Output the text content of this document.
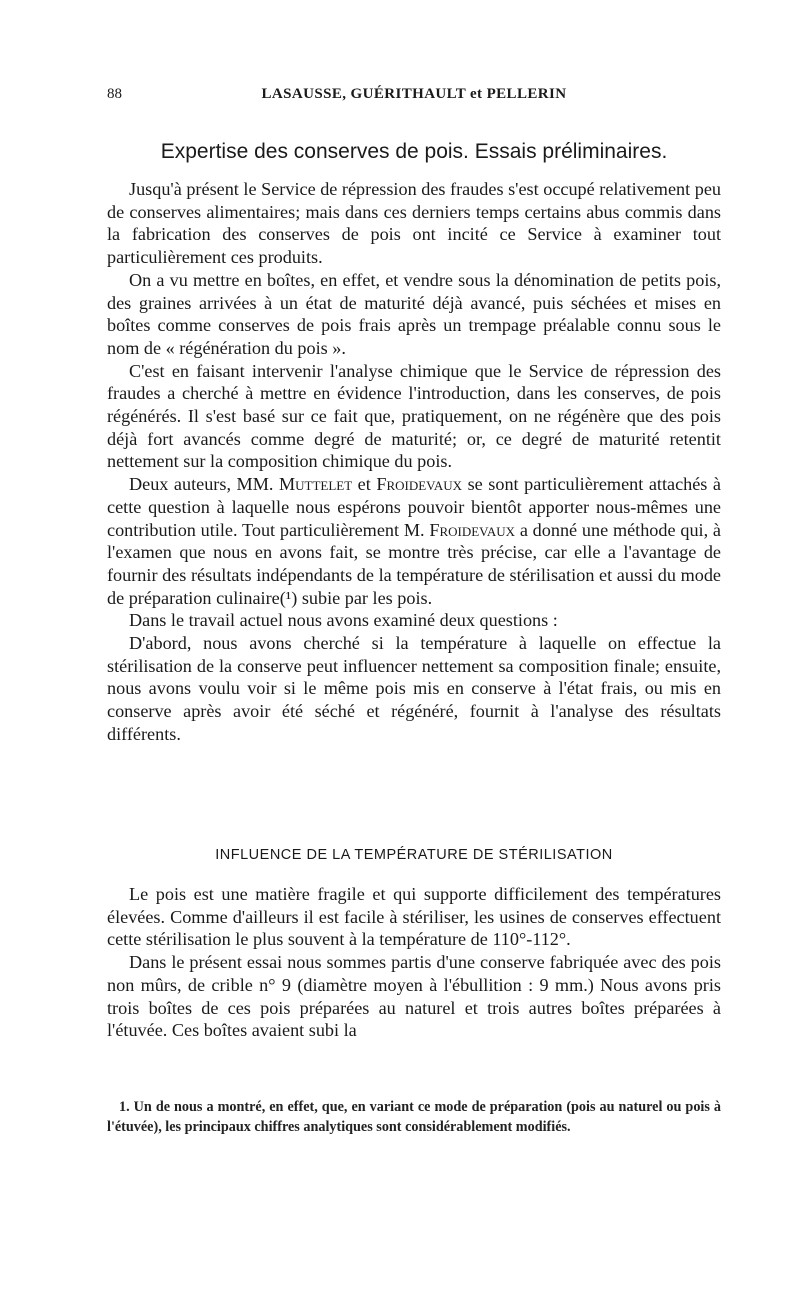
88	LASAUSSE, GUÉRITHAULT et PELLERIN
Expertise des conserves de pois. Essais préliminaires.

Jusqu'à présent le Service de répression des fraudes s'est occupé relativement peu de conserves alimentaires; mais dans ces derniers temps certains abus commis dans la fabrication des conserves de pois ont incité ce Service à examiner tout particulièrement ces produits.

On a vu mettre en boîtes, en effet, et vendre sous la dénomination de petits pois, des graines arrivées à un état de maturité déjà avancé, puis séchées et mises en boîtes comme conserves de pois frais après un trempage préalable connu sous le nom de « régénération du pois ».

C'est en faisant intervenir l'analyse chimique que le Service de répression des fraudes a cherché à mettre en évidence l'introduction, dans les conserves, de pois régénérés. Il s'est basé sur ce fait que, pratiquement, on ne régénère que des pois déjà fort avancés comme degré de maturité; or, ce degré de maturité retentit nettement sur la composition chimique du pois.

Deux auteurs, MM. Muttelet et Froidevaux se sont particulièrement attachés à cette question à laquelle nous espérons pouvoir bientôt apporter nous-mêmes une contribution utile. Tout particulièrement M. Froidevaux a donné une méthode qui, à l'examen que nous en avons fait, se montre très précise, car elle a l'avantage de fournir des résultats indépendants de la température de stérilisation et aussi du mode de préparation culinaire(¹) subie par les pois.

Dans le travail actuel nous avons examiné deux questions :

D'abord, nous avons cherché si la température à laquelle on effectue la stérilisation de la conserve peut influencer nettement sa composition finale; ensuite, nous avons voulu voir si le même pois mis en conserve à l'état frais, ou mis en conserve après avoir été séché et régénéré, fournit à l'analyse des résultats différents.

INFLUENCE DE LA TEMPÉRATURE DE STÉRILISATION

Le pois est une matière fragile et qui supporte difficilement des températures élevées. Comme d'ailleurs il est facile à stériliser, les usines de conserves effectuent cette stérilisation le plus souvent à la température de 110°-112°.

Dans le présent essai nous sommes partis d'une conserve fabriquée avec des pois non mûrs, de crible n° 9 (diamètre moyen à l'ébullition : 9 mm.) Nous avons pris trois boîtes de ces pois préparées au naturel et trois autres boîtes préparées à l'étuvée. Ces boîtes avaient subi la

1. Un de nous a montré, en effet, que, en variant ce mode de préparation (pois au naturel ou pois à l'étuvée), les principaux chiffres analytiques sont considérablement modifiés.
